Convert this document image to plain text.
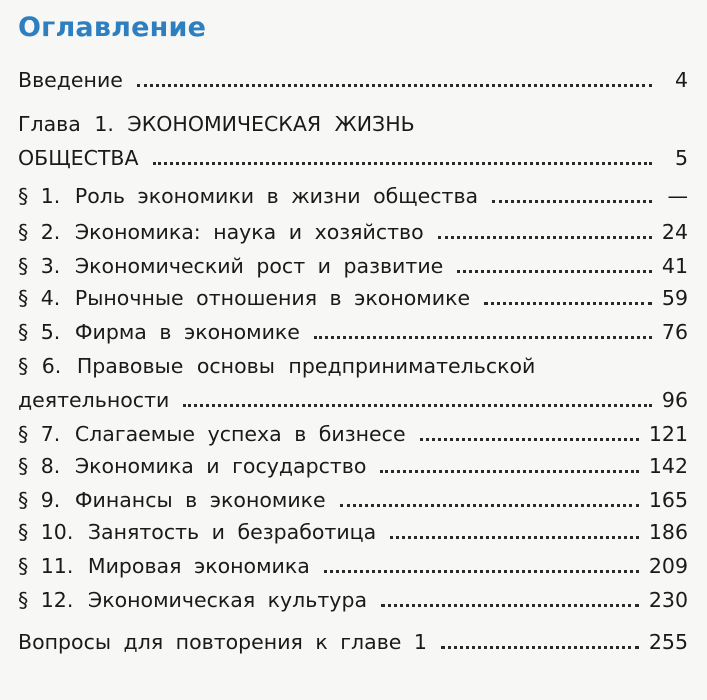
Оглавление
Введение	4
Глава 1. ЭКОНОМИЧЕСКАЯ ЖИЗНЬ
ОБЩЕСТВА	5
§ 1. Роль экономики в жизни общества	—
§ 2. Экономика: наука и хозяйство	24
§ 3. Экономический рост и развитие	41
§ 4. Рыночные отношения в экономике	59
§ 5. Фирма в экономике	76
§ 6. Правовые основы предпринимательской
деятельности	96
§ 7. Слагаемые успеха в бизнесе	121
§ 8. Экономика и государство	142
§ 9. Финансы в экономике	165
§ 10. Занятость и безработица	186
§ 11. Мировая экономика	209
§ 12. Экономическая культура	230
Вопросы для повторения к главе 1	255
